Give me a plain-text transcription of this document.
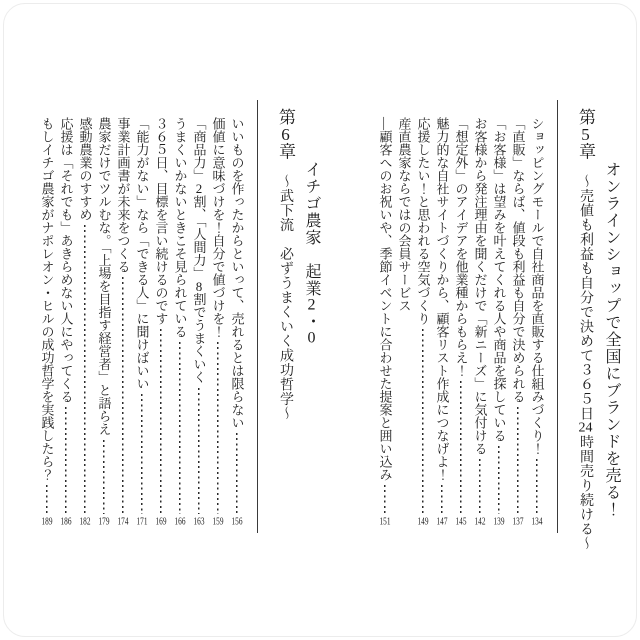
オンラインショップで全国にブランドを売る！
第5章 ～売値も利益も自分で決めて３６５日24時間売り続ける～
ショッピングモールで自社商品を直販する仕組みづくり！
134
「直販」ならば、値段も利益も自分で決められる
137
「お客様」は望みを叶えてくれる人や商品を探している
139
お客様から発注理由を聞くだけで「新ニーズ」に気付ける
142
「想定外」のアイデアを他業種からもらえ！
145
魅力的な自社サイトづくりから、顧客リスト作成につなげよ！
147
応援したい！と思われる空気づくり
149
産直農家ならではの会員サービス
―顧客へのお祝いや、季節イベントに合わせた提案と囲い込み
151
イチゴ農家　起業2・0
第6章 ～武下流　必ずうまくいく成功哲学～
いいものを作ったからといって、売れるとは限らない
156
価値に意味づけを！自分で値づけを！
159
「商品力」2割、「人間力」8割でうまくいく
163
うまくいかないときこそ見られている
166
３６５日、目標を言い続けるのです
169
「能力がない」なら「できる人」に聞けばいい
171
事業計画書が未来をつくる
174
農家だけでツルむな。「上場を目指す経営者」と語らえ
179
感動農業のすすめ
182
応援は「それでも」あきらめない人にやってくる
186
もしイチゴ農家がナポレオン・ヒルの成功哲学を実践したら？
189
